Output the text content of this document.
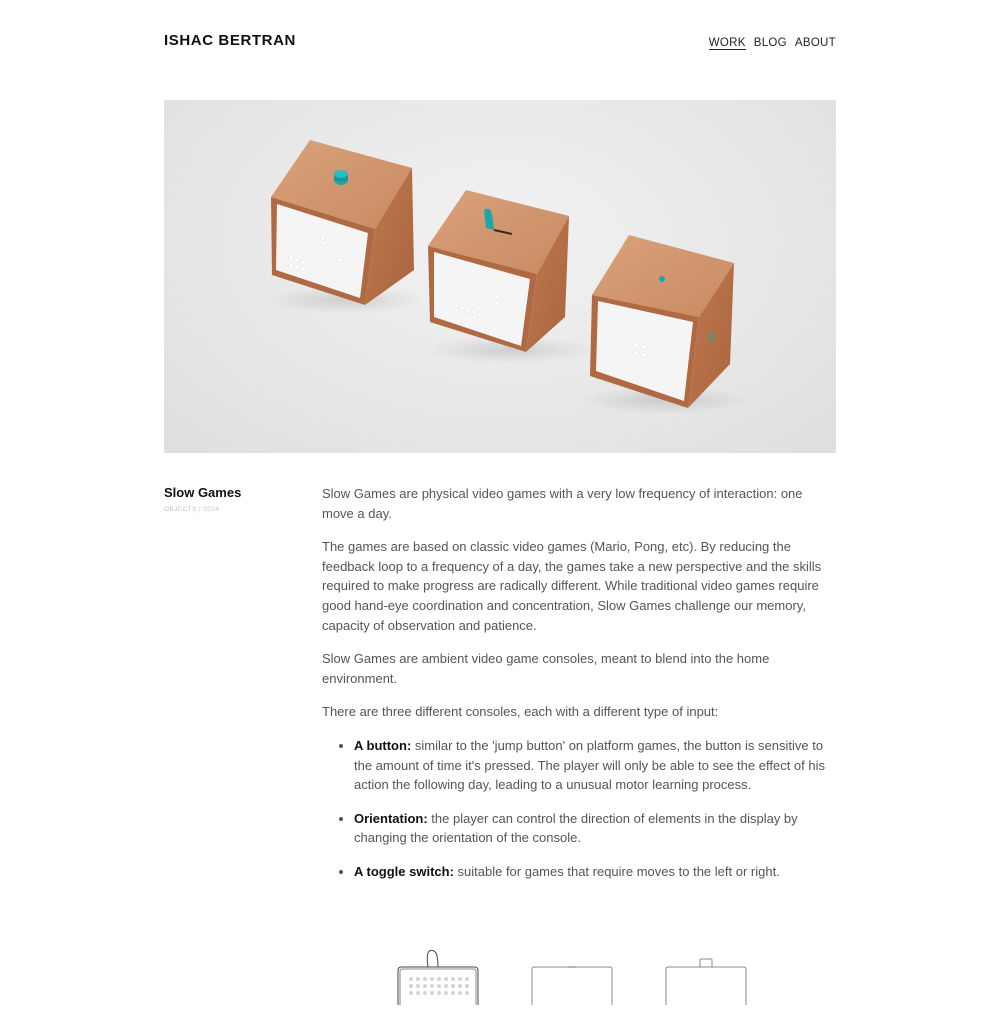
ISHAC BERTRAN	WORK BLOG ABOUT
Slow Games
OBJECTS | 2014

Slow Games are physical video games with a very low frequency of interaction: one move a day.

The games are based on classic video games (Mario, Pong, etc). By reducing the feedback loop to a frequency of a day, the games take a new perspective and the skills required to make progress are radically different. While traditional video games require good hand-eye coordination and concentration, Slow Games challenge our memory, capacity of observation and patience.

Slow Games are ambient video game consoles, meant to blend into the home environment.

There are three different consoles, each with a different type of input:

• A button: similar to the 'jump button' on platform games, the button is sensitive to the amount of time it's pressed. The player will only be able to see the effect of his action the following day, leading to a unusual motor learning process.
• Orientation: the player can control the direction of elements in the display by changing the orientation of the console.
• A toggle switch: suitable for games that require moves to the left or right.
